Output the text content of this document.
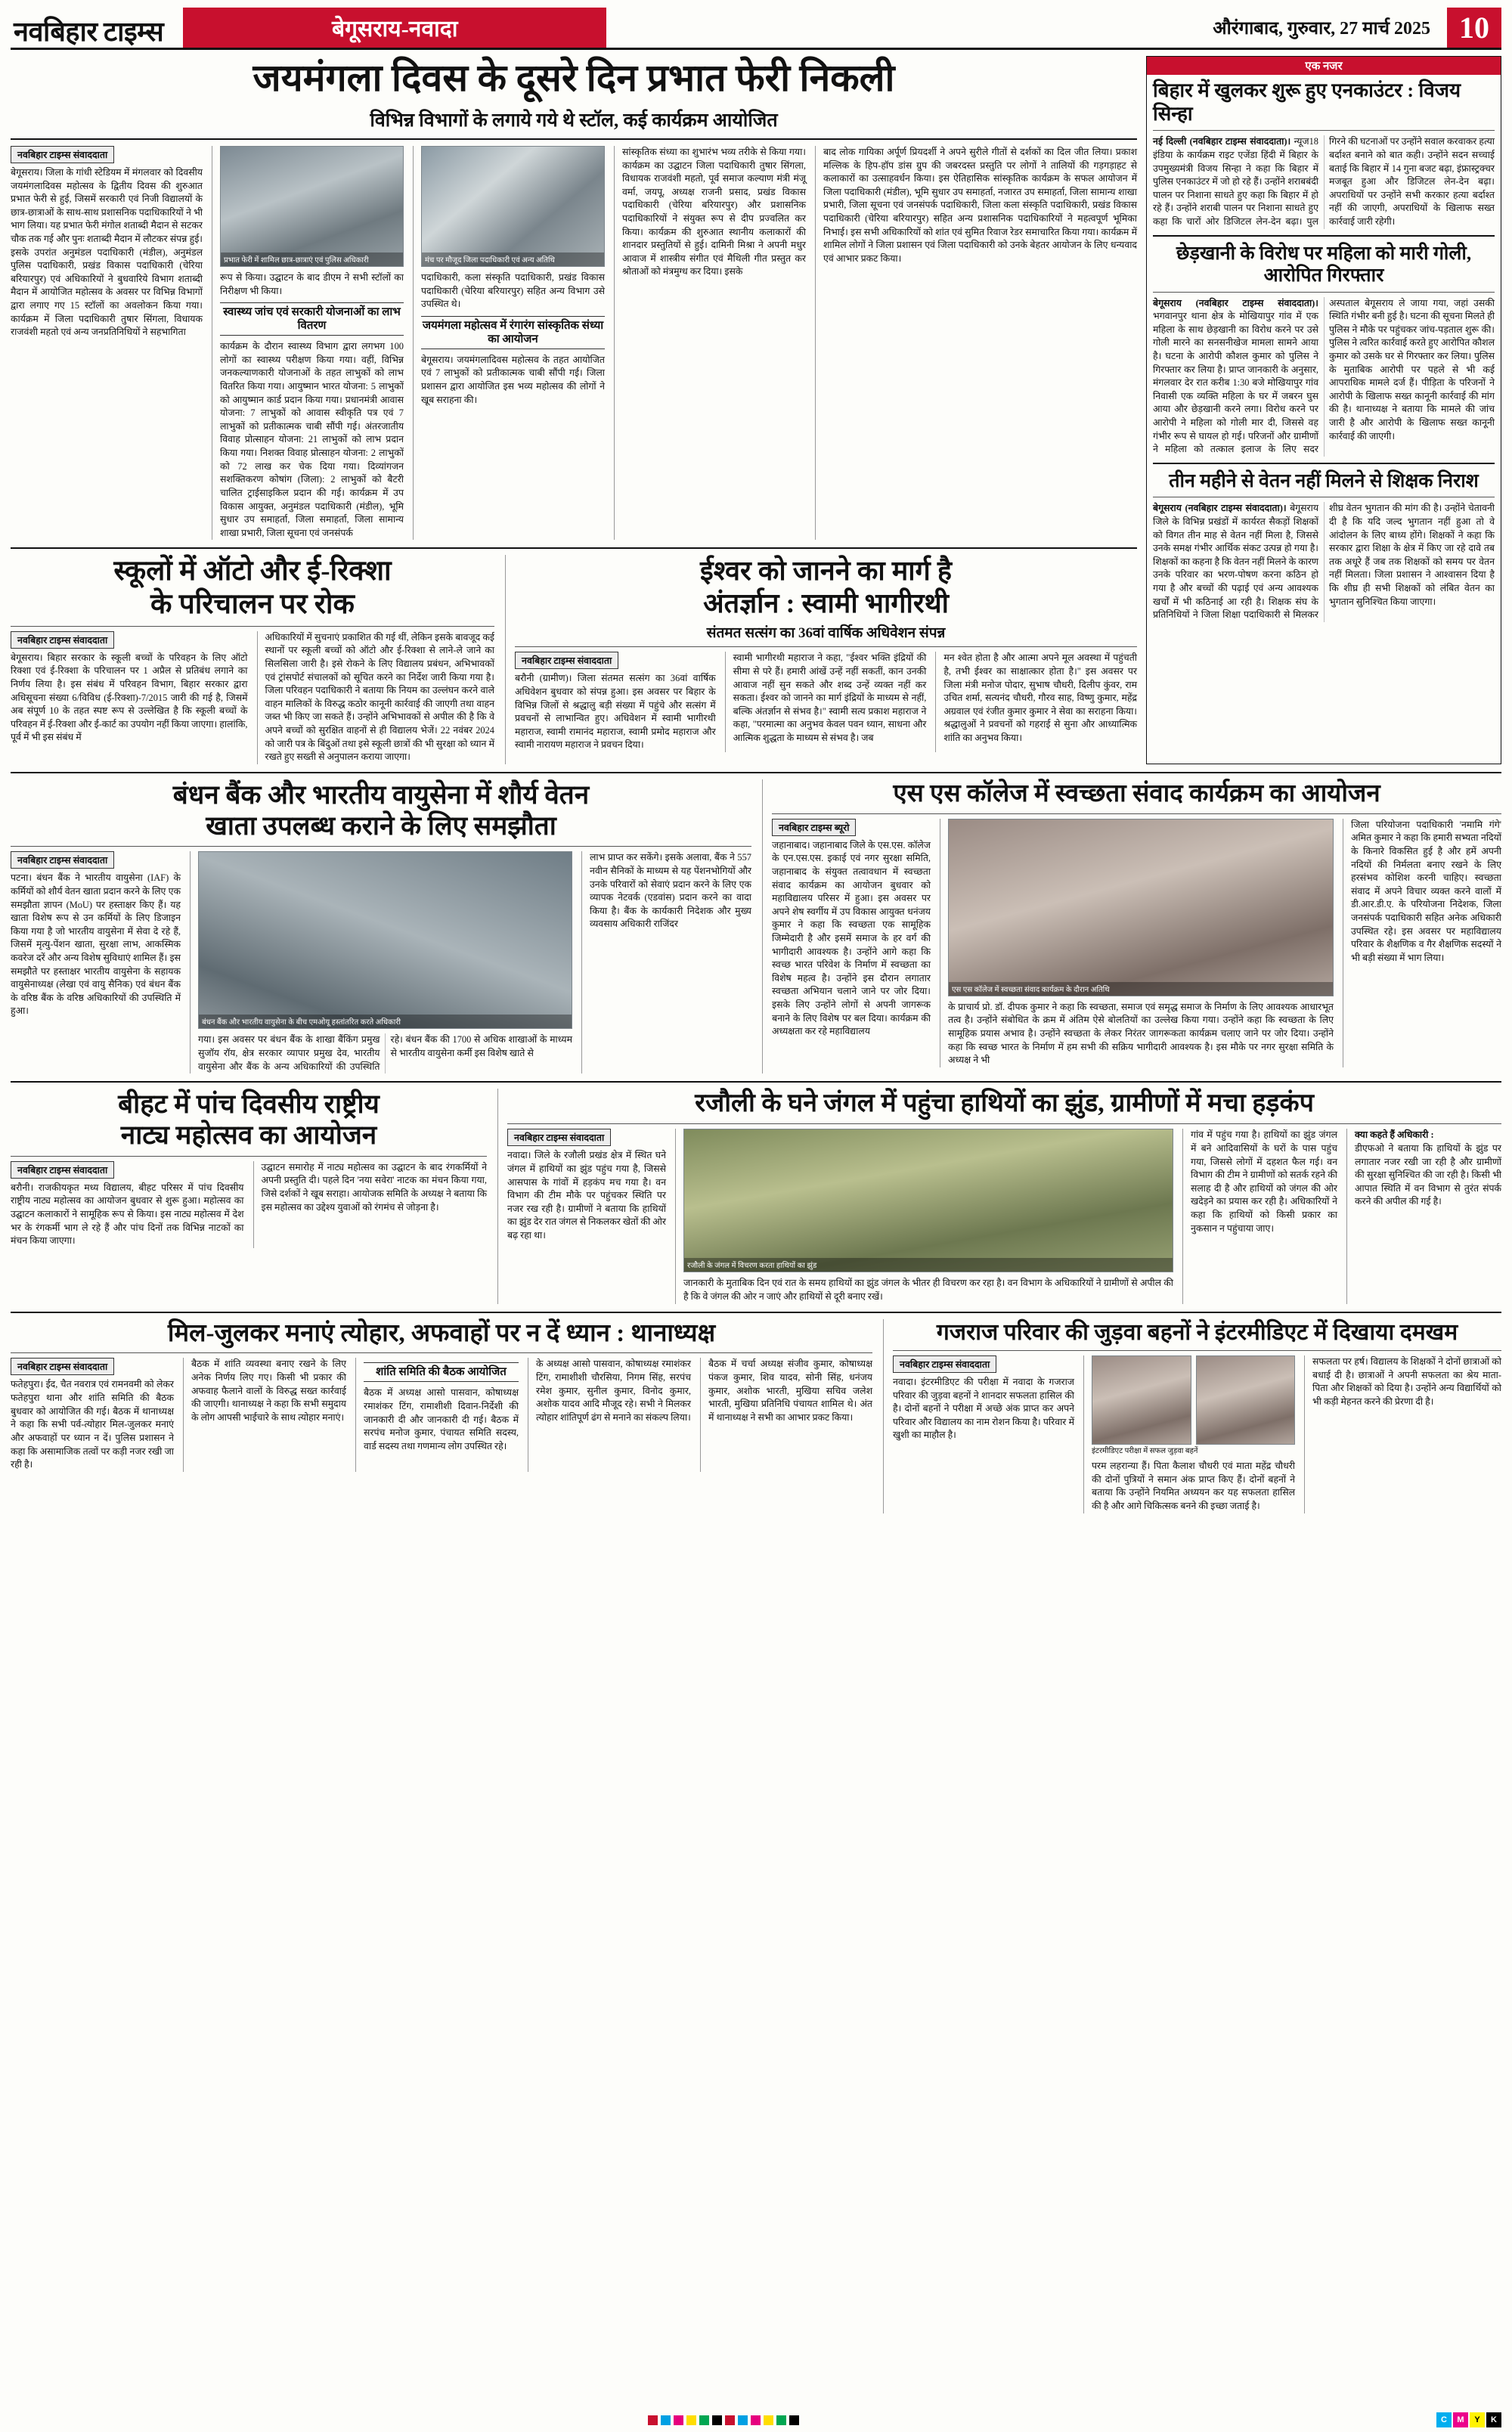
नवबिहार टाइम्स	बेगूसराय-नवादा	औरंगाबाद, गुरुवार, 27 मार्च 2025 10
जयमंगला दिवस के दूसरे दिन प्रभात फेरी निकली
विभिन्न विभागों के लगाये गये थे स्टॉल, कई कार्यक्रम आयोजित
नवबिहार टाइम्स संवाददाता
बेगूसराय। जिला के गांधी स्टेडियम में मंगलवार को दिवसीय जयमंगलादिवस महोत्सव के द्वितीय दिवस की शुरुआत प्रभात फेरी से हुई, जिसमें सरकारी एवं निजी विद्यालयों के छात्र-छात्राओं के साथ-साथ प्रशासनिक पदाधिकारियों ने भी भाग लिया। यह प्रभात फेरी मंगोल शताब्दी मैदान से सटकर चौक तक गई और पुनः शताब्दी मैदान में लौटकर संपन्न हुई। इसके उपरांत अनुमंडल पदाधिकारी (मंडील), अनुमंडल पुलिस पदाधिकारी, प्रखंड विकास पदाधिकारी (चेरिया बरियारपुर) एवं अधिकारियों ने बुधवारिये विभाग शताब्दी मैदान में आयोजित महोत्सव के अवसर पर विभिन्न विभागों द्वारा लगाए गए 15 स्टॉलों का अवलोकन किया गया। कार्यक्रम में जिला पदाधिकारी तुषार सिंगला, विधायक राजवंशी महतो एवं अन्य जनप्रतिनिधियों ने सहभागिता
प्रभात फेरी में शामिल छात्र-छात्राएं एवं पुलिस अधिकारी
रूप से किया। उद्घाटन के बाद डीएम ने सभी स्टॉलों का निरीक्षण भी किया।
स्वास्थ्य जांच एवं सरकारी योजनाओं का लाभ वितरण
कार्यक्रम के दौरान स्वास्थ्य विभाग द्वारा लगभग 100 लोगों का स्वास्थ्य परीक्षण किया गया। वहीं, विभिन्न जनकल्याणकारी योजनाओं के तहत लाभुकों को लाभ वितरित किया गया। आयुष्मान भारत योजना: 5 लाभुकों को आयुष्मान कार्ड प्रदान किया गया। प्रधानमंत्री आवास योजना: 7 लाभुकों को आवास स्वीकृति पत्र एवं 7 लाभुकों को प्रतीकात्मक चाबी सौंपी गई। अंतरजातीय विवाह प्रोत्साहन योजना: 21 लाभुकों को लाभ प्रदान किया गया। निशक्त विवाह प्रोत्साहन योजना: 2 लाभुकों को 72 लाख कर चेक दिया गया। दिव्यांगजन सशक्तिकरण कोषांग (जिला): 2 लाभुकों को बैटरी चालित ट्राईसाइकिल प्रदान की गई। कार्यक्रम में उप विकास आयुक्त, अनुमंडल पदाधिकारी (मंडील), भूमि सुधार उप समाहर्ता, जिला समाहर्ता, जिला सामान्य शाखा प्रभारी, जिला सूचना एवं जनसंपर्क
मंच पर मौजूद जिला पदाधिकारी एवं अन्य अतिथि
पदाधिकारी, कला संस्कृति पदाधिकारी, प्रखंड विकास पदाधिकारी (चेरिया बरियारपुर) सहित अन्य विभाग उसे उपस्थित थे।
जयमंगला महोत्सव में रंगारंग सांस्कृतिक संध्या का आयोजन
बेगूसराय। जयमंगलादिवस महोत्सव के तहत आयोजित एवं 7 लाभुकों को प्रतीकात्मक चाबी सौंपी गई। जिला प्रशासन द्वारा आयोजित इस भव्य महोत्सव की लोगों ने खूब सराहना की।
सांस्कृतिक संध्या का शुभारंभ भव्य तरीके से किया गया। कार्यक्रम का उद्घाटन जिला पदाधिकारी तुषार सिंगला, विधायक राजवंशी महतो, पूर्व समाज कल्याण मंत्री मंजू वर्मा, जयपू, अध्यक्ष राजनी प्रसाद, प्रखंड विकास पदाधिकारी (चेरिया बरियारपुर) और प्रशासनिक पदाधिकारियों ने संयुक्त रूप से दीप प्रज्वलित कर किया। कार्यक्रम की शुरुआत स्थानीय कलाकारों की शानदार प्रस्तुतियों से हुई। दामिनी मिश्रा ने अपनी मधुर आवाज में शास्त्रीय संगीत एवं मैथिली गीत प्रस्तुत कर श्रोताओं को मंत्रमुग्ध कर दिया। इसके
बाद लोक गायिका अर्पूर्ण प्रियदर्शी ने अपने सुरीले गीतों से दर्शकों का दिल जीत लिया। प्रकाश मल्लिक के हिप-हॉप डांस ग्रुप की जबरदस्त प्रस्तुति पर लोगों ने तालियों की गड़गड़ाहट से कलाकारों का उत्साहवर्धन किया। इस ऐतिहासिक सांस्कृतिक कार्यक्रम के सफल आयोजन में जिला पदाधिकारी (मंडील), भूमि सुधार उप समाहर्ता, नजारत उप समाहर्ता, जिला सामान्य शाखा प्रभारी, जिला सूचना एवं जनसंपर्क पदाधिकारी, जिला कला संस्कृति पदाधिकारी, प्रखंड विकास पदाधिकारी (चेरिया बरियारपुर) सहित अन्य प्रशासनिक पदाधिकारियों ने महत्वपूर्ण भूमिका निभाई। इस सभी अधिकारियों को शांत एवं सुमित रिवाज रेडर समाचारित किया गया। कार्यक्रम में शामिल लोगों ने जिला प्रशासन एवं जिला पदाधिकारी को उनके बेहतर आयोजन के लिए धन्यवाद एवं आभार प्रकट किया।
स्कूलों में ऑटो और ई-रिक्शा
के परिचालन पर रोक
नवबिहार टाइम्स संवाददाता
बेगूसराय। बिहार सरकार के स्कूली बच्चों के परिवहन के लिए ऑटो रिक्शा एवं ई-रिक्शा के परिचालन पर 1 अप्रैल से प्रतिबंध लगाने का निर्णय लिया है। इस संबंध में परिवहन विभाग, बिहार सरकार द्वारा अधिसूचना संख्या 6/विविध (ई-रिक्शा)-7/2015 जारी की गई है, जिसमें अब संपूर्ण 10 के तहत स्पष्ट रूप से उल्लेखित है कि स्कूली बच्चों के परिवहन में ई-रिक्शा और ई-कार्ट का उपयोग नहीं किया जाएगा। हालांकि, पूर्व में भी इस संबंध में
अधिकारियों में सुचनाएं प्रकाशित की गई थीं, लेकिन इसके बावजूद कई स्थानों पर स्कूली बच्चों को ऑटो और ई-रिक्शा से लाने-ले जाने का सिलसिला जारी है। इसे रोकने के लिए विद्यालय प्रबंधन, अभिभावकों एवं ट्रांसपोर्ट संचालकों को सूचित करने का निर्देश जारी किया गया है। जिला परिवहन पदाधिकारी ने बताया कि नियम का उल्लंघन करने वाले वाहन मालिकों के विरुद्ध कठोर कानूनी कार्रवाई की जाएगी तथा वाहन जब्त भी किए जा सकते हैं। उन्होंने अभिभावकों से अपील की है कि वे अपने बच्चों को सुरक्षित वाहनों से ही विद्यालय भेजें। 22 नवंबर 2024 को जारी पत्र के बिंदुओं तथा इसे स्कूली छात्रों की भी सुरक्षा को ध्यान में रखते हुए सख्ती से अनुपालन कराया जाएगा।
ईश्वर को जानने का मार्ग है
अंतर्ज्ञान : स्वामी भागीरथी
संतमत सत्संग का 36वां वार्षिक अधिवेशन संपन्न
नवबिहार टाइम्स संवाददाता
बरौनी (ग्रामीण)। जिला संतमत सत्संग का 36वां वार्षिक अधिवेशन बुधवार को संपन्न हुआ। इस अवसर पर बिहार के विभिन्न जिलों से श्रद्धालु बड़ी संख्या में पहुंचे और सत्संग में प्रवचनों से लाभान्वित हुए। अधिवेशन में स्वामी भागीरथी महाराज, स्वामी रामानंद महाराज, स्वामी प्रमोद महाराज और स्वामी नारायण महाराज ने प्रवचन दिया।
स्वामी भागीरथी महाराज ने कहा, "ईश्वर भक्ति इंद्रियों की सीमा से परे हैं। हमारी आंखें उन्हें नहीं सकतीं, कान उनकी आवाज नहीं सुन सकते और शब्द उन्हें व्यक्त नहीं कर सकता। ईश्वर को जानने का मार्ग इंद्रियों के माध्यम से नहीं, बल्कि अंतर्ज्ञान से संभव है।" स्वामी सत्य प्रकाश महाराज ने कहा, "परमात्मा का अनुभव केवल पवन ध्यान, साधना और आत्मिक शुद्धता के माध्यम से संभव है। जब
मन श्वेत होता है और आत्मा अपने मूल अवस्था में पहुंचती है, तभी ईश्वर का साक्षात्कार होता है।" इस अवसर पर जिला मंत्री मनोज पोदार, सुभाष चौधरी, दिलीप कुंवर, राम उचित शर्मा, सत्यनंद चौधरी, गौरव साह, विष्णु कुमार, महेंद्र अग्रवाल एवं रंजीत कुमार कुमार ने सेवा का सराहना किया। श्रद्धालुओं ने प्रवचनों को गहराई से सुना और आध्यात्मिक शांति का अनुभव किया।
एक नजर
बिहार में खुलकर शुरू हुए एनकाउंटर : विजय सिन्हा
नई दिल्ली (नवबिहार टाइम्स संवाददाता)। न्यूज18 इंडिया के कार्यक्रम राइट एजेंडा हिंदी में बिहार के उपमुख्यमंत्री विजय सिन्हा ने कहा कि बिहार में पुलिस एनकाउंटर में जो हो रहे हैं। उन्होंने शराबबंदी पालन पर निशाना साधते हुए कहा कि बिहार में हो रहे हैं। उन्होंने शराबी पालन पर निशाना साधते हुए कहा कि चारों ओर डिजिटल लेन-देन बढ़ा। पुल गिरने की घटनाओं पर उन्होंने सवाल करवाकर हत्या बर्दाश्त बनाने को बात कही। उन्होंने सदन सच्चाई बताई कि बिहार में 14 गुना बजट बढ़ा, इंफ्रास्ट्रक्चर मजबूत हुआ और डिजिटल लेन-देन बढ़ा। अपराधियों पर उन्होंने सभी करकार हत्या बर्दाश्त नहीं की जाएगी, अपराधियों के खिलाफ सख्त कार्रवाई जारी रहेगी।
छेड़खानी के विरोध पर महिला को मारी गोली, आरोपित गिरफ्तार
बेगूसराय (नवबिहार टाइम्स संवाददाता)। भगवानपुर थाना क्षेत्र के मोखियापुर गांव में एक महिला के साथ छेड़खानी का विरोध करने पर उसे गोली मारने का सनसनीखेज मामला सामने आया है। घटना के आरोपी कौशल कुमार को पुलिस ने गिरफ्तार कर लिया है। प्राप्त जानकारी के अनुसार, मंगलवार देर रात करीब 1:30 बजे मोखियापुर गांव निवासी एक व्यक्ति महिला के घर में जबरन घुस आया और छेड़खानी करने लगा। विरोध करने पर आरोपी ने महिला को गोली मार दी, जिससे वह गंभीर रूप से घायल हो गई। परिजनों और ग्रामीणों ने महिला को तत्काल इलाज के लिए सदर अस्पताल बेगूसराय ले जाया गया, जहां उसकी स्थिति गंभीर बनी हुई है। घटना की सूचना मिलते ही पुलिस ने मौके पर पहुंचकर जांच-पड़ताल शुरू की। पुलिस ने त्वरित कार्रवाई करते हुए आरोपित कौशल कुमार को उसके घर से गिरफ्तार कर लिया। पुलिस के मुताबिक आरोपी पर पहले से भी कई आपराधिक मामले दर्ज हैं। पीड़िता के परिजनों ने आरोपी के खिलाफ सख्त कानूनी कार्रवाई की मांग की है। थानाध्यक्ष ने बताया कि मामले की जांच जारी है और आरोपी के खिलाफ सख्त कानूनी कार्रवाई की जाएगी।
तीन महीने से वेतन नहीं मिलने से शिक्षक निराश
बेगूसराय (नवबिहार टाइम्स संवाददाता)। बेगूसराय जिले के विभिन्न प्रखंडों में कार्यरत सैकड़ों शिक्षकों को विगत तीन माह से वेतन नहीं मिला है, जिससे उनके समक्ष गंभीर आर्थिक संकट उत्पन्न हो गया है। शिक्षकों का कहना है कि वेतन नहीं मिलने के कारण उनके परिवार का भरण-पोषण करना कठिन हो गया है और बच्चों की पढ़ाई एवं अन्य आवश्यक खर्चों में भी कठिनाई आ रही है। शिक्षक संघ के प्रतिनिधियों ने जिला शिक्षा पदाधिकारी से मिलकर शीघ्र वेतन भुगतान की मांग की है। उन्होंने चेतावनी दी है कि यदि जल्द भुगतान नहीं हुआ तो वे आंदोलन के लिए बाध्य होंगे। शिक्षकों ने कहा कि सरकार द्वारा शिक्षा के क्षेत्र में किए जा रहे दावे तब तक अधूरे हैं जब तक शिक्षकों को समय पर वेतन नहीं मिलता। जिला प्रशासन ने आश्वासन दिया है कि शीघ्र ही सभी शिक्षकों को लंबित वेतन का भुगतान सुनिश्चित किया जाएगा।
बंधन बैंक और भारतीय वायुसेना में शौर्य वेतन
खाता उपलब्ध कराने के लिए समझौता
नवबिहार टाइम्स संवाददाता
पटना। बंधन बैंक ने भारतीय वायुसेना (IAF) के कर्मियों को शौर्य वेतन खाता प्रदान करने के लिए एक समझौता ज्ञापन (MoU) पर हस्ताक्षर किए हैं। यह खाता विशेष रूप से उन कर्मियों के लिए डिजाइन किया गया है जो भारतीय वायुसेना में सेवा दे रहे हैं, जिसमें मृत्यु-पेंशन खाता, सुरक्षा लाभ, आकस्मिक कवरेज दरें और अन्य विशेष सुविधाएं शामिल हैं। इस समझौते पर हस्ताक्षर भारतीय वायुसेना के सहायक वायुसेनाध्यक्ष (लेखा एवं वायु सैनिक) एवं बंधन बैंक के वरिष्ठ बैंक के वरिष्ठ अधिकारियों की उपस्थिति में हुआ।
बंधन बैंक और भारतीय वायुसेना के बीच एमओयू हस्तांतरित करते अधिकारी
गया। इस अवसर पर बंधन बैंक के शाखा बैंकिंग प्रमुख सुजॉय रॉय, क्षेत्र सरकार व्यापार प्रमुख देव, भारतीय वायुसेना और बैंक के अन्य अधिकारियों की उपस्थिति रहे। बंधन बैंक की 1700 से अधिक शाखाओं के माध्यम से भारतीय वायुसेना कर्मी इस विशेष खाते से
लाभ प्राप्त कर सकेंगे। इसके अलावा, बैंक ने 557 नवीन सैनिकों के माध्यम से यह पेंशनभोगियों और उनके परिवारों को सेवाएं प्रदान करने के लिए एक व्यापक नेटवर्क (एडवांस) प्रदान करने का वादा किया है। बैंक के कार्यकारी निदेशक और मुख्य व्यवसाय अधिकारी राजिंदर
एस एस कॉलेज में स्वच्छता संवाद कार्यक्रम का आयोजन
नवबिहार टाइम्स ब्यूरो
जहानाबाद। जहानाबाद जिले के एस.एस. कॉलेज के एन.एस.एस. इकाई एवं नगर सुरक्षा समिति, जहानाबाद के संयुक्त तत्वावधान में स्वच्छता संवाद कार्यक्रम का आयोजन बुधवार को महाविद्यालय परिसर में हुआ। इस अवसर पर अपने शेष स्वर्गीय में उप विकास आयुक्त धनंजय कुमार ने कहा कि स्वच्छता एक सामूहिक जिम्मेदारी है और इसमें समाज के हर वर्ग की भागीदारी आवश्यक है। उन्होंने आगे कहा कि स्वच्छ भारत परिवेश के निर्माण में स्वच्छता का विशेष महत्व है। उन्होंने इस दौरान लगातार स्वच्छता अभियान चलाने जाने पर जोर दिया। इसके लिए उन्होंने लोगों से अपनी जागरूक बनाने के लिए विशेष पर बल दिया। कार्यक्रम की अध्यक्षता कर रहे महाविद्यालय
एस एस कॉलेज में स्वच्छता संवाद कार्यक्रम के दौरान अतिथि
के प्राचार्य प्रो. डॉ. दीपक कुमार ने कहा कि स्वच्छता, समाज एवं समृद्ध समाज के निर्माण के लिए आवश्यक आधारभूत तत्व है। उन्होंने संबोधित के क्रम में अंतिम ऐसे बोलतियों का उल्लेख किया गया। उन्होंने कहा कि स्वच्छता के लिए सामूहिक प्रयास अभाव है। उन्होंने स्वच्छता के लेकर निरंतर जागरूकता कार्यक्रम चलाए जाने पर जोर दिया। उन्होंने कहा कि स्वच्छ भारत के निर्माण में हम सभी की सक्रिय भागीदारी आवश्यक है। इस मौके पर नगर सुरक्षा समिति के अध्यक्ष ने भी
जिला परियोजना पदाधिकारी 'नमामि गंगे' अमित कुमार ने कहा कि हमारी सभ्यता नदियों के किनारे विकसित हुई है और हमें अपनी नदियों की निर्मलता बनाए रखने के लिए हरसंभव कोशिश करनी चाहिए। स्वच्छता संवाद में अपने विचार व्यक्त करने वालों में डी.आर.डी.ए. के परियोजना निदेशक, जिला जनसंपर्क पदाधिकारी सहित अनेक अधिकारी उपस्थित रहे। इस अवसर पर महाविद्यालय परिवार के शैक्षणिक व गैर शैक्षणिक सदस्यों ने भी बड़ी संख्या में भाग लिया।
बीहट में पांच दिवसीय राष्ट्रीय
नाट्य महोत्सव का आयोजन
नवबिहार टाइम्स संवाददाता
बरौनी। राजकीयकृत मध्य विद्यालय, बीहट परिसर में पांच दिवसीय राष्ट्रीय नाट्य महोत्सव का आयोजन बुधवार से शुरू हुआ। महोत्सव का उद्घाटन कलाकारों ने सामूहिक रूप से किया। इस नाट्य महोत्सव में देश भर के रंगकर्मी भाग ले रहे हैं और पांच दिनों तक विभिन्न नाटकों का मंचन किया जाएगा।
उद्घाटन समारोह में नाट्य महोत्सव का उद्घाटन के बाद रंगकर्मियों ने अपनी प्रस्तुति दी। पहले दिन 'नया सवेरा' नाटक का मंचन किया गया, जिसे दर्शकों ने खूब सराहा। आयोजक समिति के अध्यक्ष ने बताया कि इस महोत्सव का उद्देश्य युवाओं को रंगमंच से जोड़ना है।
रजौली के घने जंगल में पहुंचा हाथियों का झुंड, ग्रामीणों में मचा हड़कंप
नवबिहार टाइम्स संवाददाता
नवादा। जिले के रजौली प्रखंड क्षेत्र में स्थित घने जंगल में हाथियों का झुंड पहुंच गया है, जिससे आसपास के गांवों में हड़कंप मच गया है। वन विभाग की टीम मौके पर पहुंचकर स्थिति पर नजर रख रही है। ग्रामीणों ने बताया कि हाथियों का झुंड देर रात जंगल से निकलकर खेतों की ओर बढ़ रहा था।
रजौली के जंगल में विचरण करता हाथियों का झुंड
जानकारी के मुताबिक दिन एवं रात के समय हाथियों का झुंड जंगल के भीतर ही विचरण कर रहा है। वन विभाग के अधिकारियों ने ग्रामीणों से अपील की है कि वे जंगल की ओर न जाएं और हाथियों से दूरी बनाए रखें।
गांव में पहुंच गया है। हाथियों का झुंड जंगल में बने आदिवासियों के घरों के पास पहुंच गया, जिससे लोगों में दहशत फैल गई। वन विभाग की टीम ने ग्रामीणों को सतर्क रहने की सलाह दी है और हाथियों को जंगल की ओर खदेड़ने का प्रयास कर रही है। अधिकारियों ने कहा कि हाथियों को किसी प्रकार का नुकसान न पहुंचाया जाए।
क्या कहते हैं अधिकारी :
डीएफओ ने बताया कि हाथियों के झुंड पर लगातार नजर रखी जा रही है और ग्रामीणों की सुरक्षा सुनिश्चित की जा रही है। किसी भी आपात स्थिति में वन विभाग से तुरंत संपर्क करने की अपील की गई है।
मिल-जुलकर मनाएं त्योहार, अफवाहों पर न दें ध्यान : थानाध्यक्ष
नवबिहार टाइम्स संवाददाता
फतेहपुरा। ईद, चैत नवरात्र एवं रामनवमी को लेकर फतेहपुरा थाना और शांति समिति की बैठक बुधवार को आयोजित की गई। बैठक में थानाध्यक्ष ने कहा कि सभी पर्व-त्योहार मिल-जुलकर मनाएं और अफवाहों पर ध्यान न दें। पुलिस प्रशासन ने कहा कि असामाजिक तत्वों पर कड़ी नजर रखी जा रही है।
बैठक में शांति व्यवस्था बनाए रखने के लिए अनेक निर्णय लिए गए। किसी भी प्रकार की अफवाह फैलाने वालों के विरुद्ध सख्त कार्रवाई की जाएगी। थानाध्यक्ष ने कहा कि सभी समुदाय के लोग आपसी भाईचारे के साथ त्योहार मनाएं।
शांति समिति की बैठक आयोजित
बैठक में अध्यक्ष आसो पासवान, कोषाध्यक्ष रमाशंकर टिंग, रामाशीशी दिवान-निर्देशी की जानकारी दी और जानकारी दी गई। बैठक में सरपंच मनोज कुमार, पंचायत समिति सदस्य, वार्ड सदस्य तथा गणमान्य लोग उपस्थित रहे।
के अध्यक्ष आसो पासवान, कोषाध्यक्ष रमाशंकर टिंग, रामाशीशी चौरसिया, निगम सिंह, सरपंच रमेश कुमार, सुनील कुमार, विनोद कुमार, अशोक यादव आदि मौजूद रहे। सभी ने मिलकर त्योहार शांतिपूर्ण ढंग से मनाने का संकल्प लिया।
बैठक में चर्चा अध्यक्ष संजीव कुमार, कोषाध्यक्ष पंकज कुमार, शिव यादव, सोनी सिंह, धनंजय कुमार, अशोक भारती, मुखिया सचिव जलेश भारती, मुखिया प्रतिनिधि पंचायत शामिल थे। अंत में थानाध्यक्ष ने सभी का आभार प्रकट किया।
गजराज परिवार की जुड़वा बहनों ने इंटरमीडिएट में दिखाया दमखम
नवबिहार टाइम्स संवाददाता
नवादा। इंटरमीडिएट की परीक्षा में नवादा के गजराज परिवार की जुड़वा बहनों ने शानदार सफलता हासिल की है। दोनों बहनों ने परीक्षा में अच्छे अंक प्राप्त कर अपने परिवार और विद्यालय का नाम रोशन किया है। परिवार में खुशी का माहौल है।
इंटरमीडिएट परीक्षा में सफल जुड़वा बहनें
परम लहरान्या हैं। पिता कैलाश चौधरी एवं माता महेंद्र चौधरी की दोनों पुत्रियों ने समान अंक प्राप्त किए हैं। दोनों बहनों ने बताया कि उन्होंने नियमित अध्ययन कर यह सफलता हासिल की है और आगे चिकित्सक बनने की इच्छा जताई है।
सफलता पर हर्ष। विद्यालय के शिक्षकों ने दोनों छात्राओं को बधाई दी है। छात्राओं ने अपनी सफलता का श्रेय माता-पिता और शिक्षकों को दिया है। उन्होंने अन्य विद्यार्थियों को भी कड़ी मेहनत करने की प्रेरणा दी है।
C	M	Y	K
